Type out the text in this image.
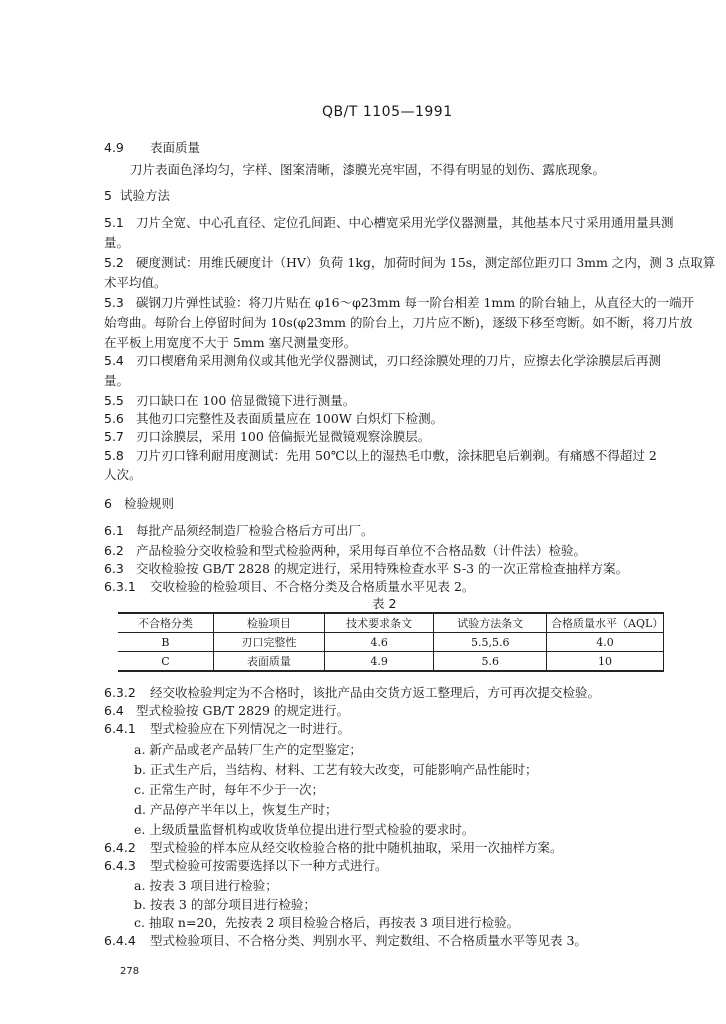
QB/T 1105—1991
4.9 表面质量
刀片表面色泽均匀，字样、图案清晰，漆膜光亮牢固，不得有明显的划伤、露底现象。
5 试验方法
5.1 刀片全宽、中心孔直径、定位孔间距、中心槽宽采用光学仪器测量，其他基本尺寸采用通用量具测
量。
5.2 硬度测试：用维氏硬度计（HV）负荷 1kg，加荷时间为 15s，测定部位距刃口 3mm 之内，测 3 点取算
术平均值。
5.3 碳钢刀片弹性试验：将刀片贴在 φ16～φ23mm 每一阶台相差 1mm 的阶台轴上，从直径大的一端开
始弯曲。每阶台上停留时间为 10s(φ23mm 的阶台上，刀片应不断)，逐级下移至弯断。如不断，将刀片放
在平板上用宽度不大于 5mm 塞尺测量变形。
5.4 刃口楔磨角采用测角仪或其他光学仪器测试，刃口经涂膜处理的刀片，应擦去化学涂膜层后再测
量。
5.5 刃口缺口在 100 倍显微镜下进行测量。
5.6 其他刃口完整性及表面质量应在 100W 白炽灯下检测。
5.7 刃口涂膜层，采用 100 倍偏振光显微镜观察涂膜层。
5.8 刀片刃口锋利耐用度测试：先用 50℃以上的湿热毛巾敷，涂抹肥皂后剃剃。有痛感不得超过 2
人次。
6 检验规则
6.1 每批产品须经制造厂检验合格后方可出厂。
6.2 产品检验分交收检验和型式检验两种，采用每百单位不合格品数（计件法）检验。
6.3 交收检验按 GB/T 2828 的规定进行，采用特殊检查水平 S-3 的一次正常检查抽样方案。
6.3.1 交收检验的检验项目、不合格分类及合格质量水平见表 2。
表 2
不合格分类	检验项目	技术要求条文	试验方法条文	合格质量水平（AQL）
B	刃口完整性	4.6	5.5,5.6	4.0
C	表面质量	4.9	5.6	10
6.3.2 经交收检验判定为不合格时，该批产品由交货方返工整理后，方可再次提交检验。
6.4 型式检验按 GB/T 2829 的规定进行。
6.4.1 型式检验应在下列情况之一时进行。
a. 新产品或老产品转厂生产的定型鉴定；
b. 正式生产后，当结构、材料、工艺有较大改变，可能影响产品性能时；
c. 正常生产时，每年不少于一次；
d. 产品停产半年以上，恢复生产时；
e. 上级质量监督机构或收货单位提出进行型式检验的要求时。
6.4.2 型式检验的样本应从经交收检验合格的批中随机抽取，采用一次抽样方案。
6.4.3 型式检验可按需要选择以下一种方式进行。
a. 按表 3 项目进行检验；
b. 按表 3 的部分项目进行检验；
c. 抽取 n=20，先按表 2 项目检验合格后，再按表 3 项目进行检验。
6.4.4 型式检验项目、不合格分类、判别水平、判定数组、不合格质量水平等见表 3。
278
